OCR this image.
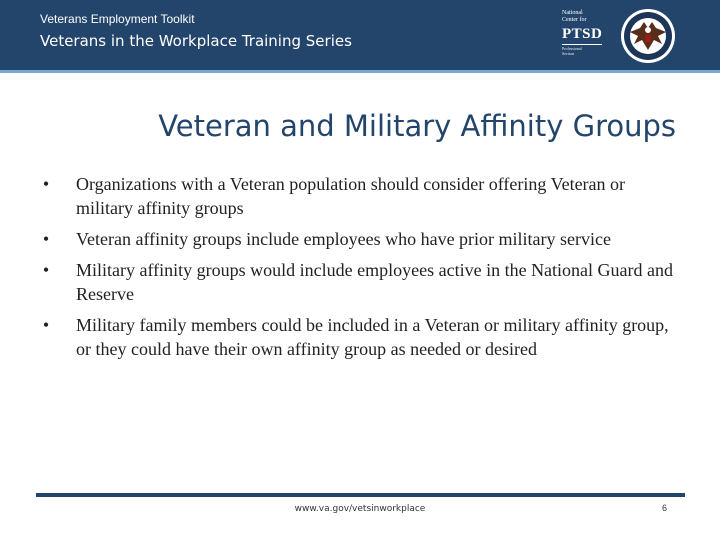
Veterans Employment Toolkit
Veterans in the Workplace Training Series
National
Center for
PTSD
Professional
Section
Veteran and Military Affinity Groups
•	Organizations with a Veteran population should consider offering Veteran or military affinity groups
•	Veteran affinity groups include employees who have prior military service
•	Military affinity groups would include employees active in the National Guard and Reserve
•	Military family members could be included in a Veteran or military affinity group, or they could have their own affinity group as needed or desired
www.va.gov/vetsinworkplace	6
